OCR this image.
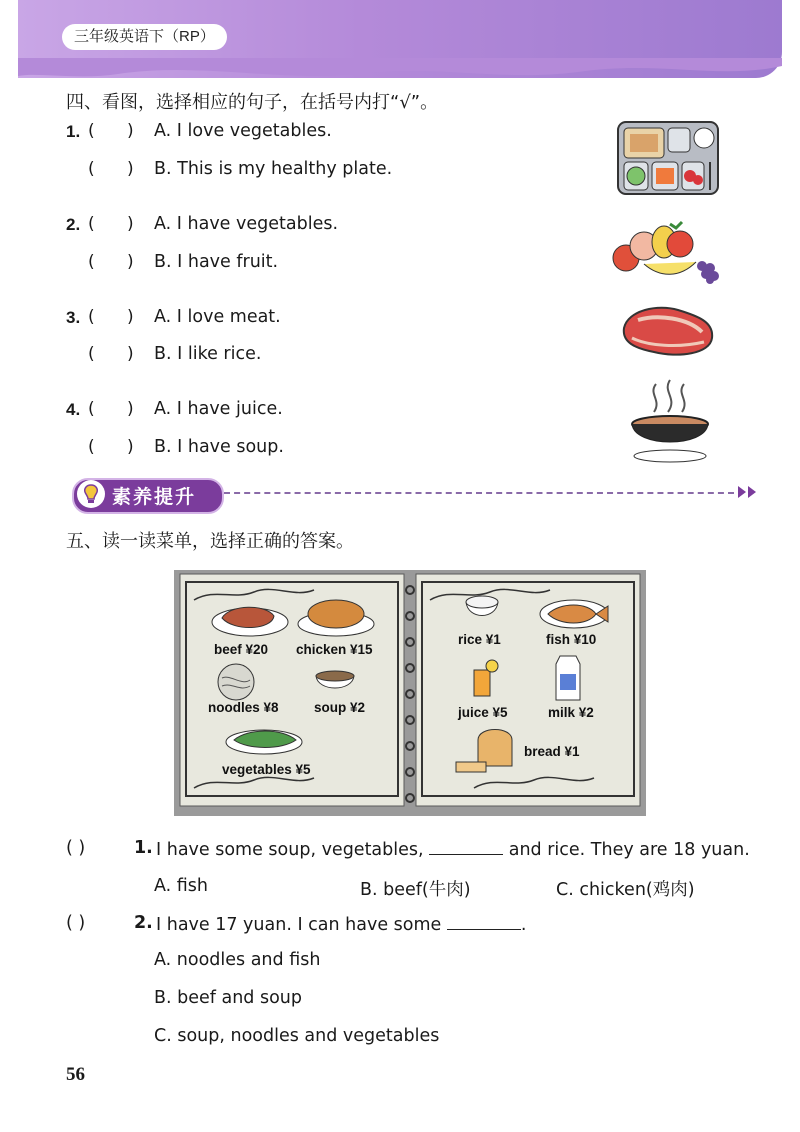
三年级英语下（RP）
四、看图，选择相应的句子，在括号内打“√”。
1. (      ) A. I love vegetables.
(      ) B. This is my healthy plate.
2. (      ) A. I have vegetables.
(      ) B. I have fruit.
3. (      ) A. I love meat.
(      ) B. I like rice.
4. (      ) A. I have juice.
(      ) B. I have soup.
素养提升
五、读一读菜单，选择正确的答案。
beef ¥20 chicken ¥15
noodles ¥8	soup ¥2
vegetables ¥5
rice ¥1	fish ¥10
juice ¥5	milk ¥2
bread ¥1
( )	1. I have some soup, vegetables,	and rice. They are 18 yuan.
A. fish	B. beef(牛肉)	C. chicken(鸡肉)
( )	2. I have 17 yuan. I can have some	.
A. noodles and fish
B. beef and soup
C. soup, noodles and vegetables
56
